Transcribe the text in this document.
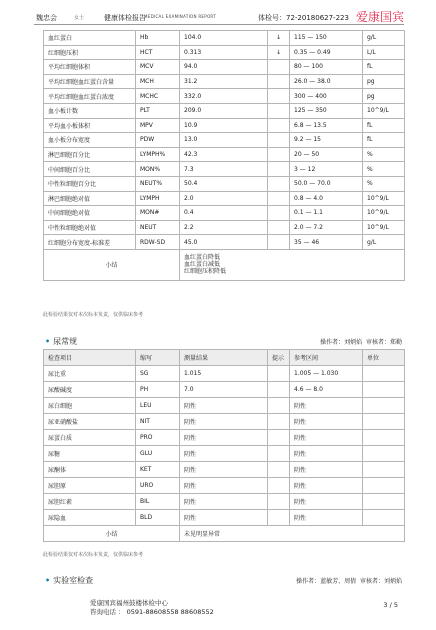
魏忠会	女士	健康体检报告
MEDICAL EXAMINATION REPORT	体检号：72-20180627-223 爱康国宾
血红蛋白	Hb	104.0	↓	115 — 150	g/L
红细胞压积	HCT	0.313	↓	0.35 — 0.49	L/L
平均红细胞体积	MCV	94.0		80 — 100	fL
平均红细胞血红蛋白含量	MCH	31.2		26.0 — 38.0	pg
平均红细胞血红蛋白浓度	MCHC	332.0		300 — 400	pg
血小板计数	PLT	209.0		125 — 350	10^9/L
平均血小板体积	MPV	10.9		6.8 — 13.5	fL
血小板分布宽度	PDW	13.0		9.2 — 15	fL
淋巴细胞百分比	LYMPH%	42.3		20 — 50	%
中间细胞百分比	MON%	7.3		3 — 12	%
中性粒细胞百分比	NEUT%	50.4		50.0 — 70.0	%
淋巴细胞绝对值	LYMPH	2.0		0.8 — 4.0	10^9/L
中间细胞绝对值	MON#	0.4		0.1 — 1.1	10^9/L
中性粒细胞绝对值	NEUT	2.2		2.0 — 7.2	10^9/L
红细胞分布宽度-标准差	RDW-SD	45.0		35 — 46	g/L
小结		血红蛋白降低
血红蛋白减低
红细胞压积降低			
此检验结果仅对本次标本负责，仅供临床参考
• 尿常规	操作者：刘炳焰 审核者：郑勤
检查项目	缩写	测量结果	提示	参考区间	单位
尿比重	SG	1.015		1.005 — 1.030	
尿酸碱度	PH	7.0		4.6 — 8.0	
尿白细胞	LEU	阴性		阴性	
尿亚硝酸盐	NIT	阴性		阴性	
尿蛋白质	PRO	阴性		阴性	
尿糖	GLU	阴性		阴性	
尿酮体	KET	阴性		阴性	
尿胆原	URO	阴性		阴性	
尿胆红素	BIL	阴性		阴性	
尿隐血	BLD	阴性		阴性	
小结		未见明显异常			
此检验结果仅对本次标本负责，仅供临床参考
• 实验室检查	操作者：蓝敏芳、周倩 审核者：刘炳焰
爱康国宾福州鼓楼体检中心
咨询电话 ： 0591-88608558 88608552
3 / 5
